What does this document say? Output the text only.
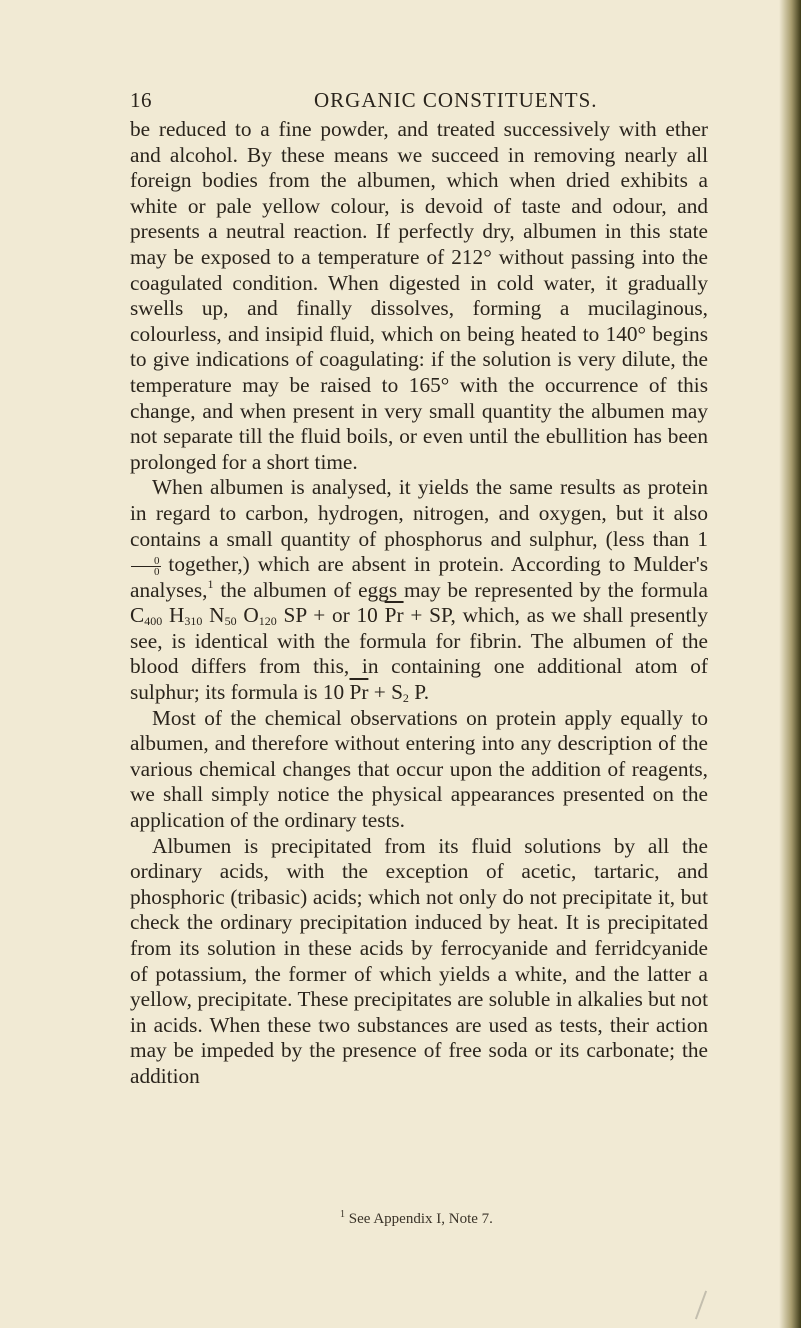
16	ORGANIC CONSTITUENTS.

be reduced to a fine powder, and treated successively with ether and alcohol. By these means we succeed in removing nearly all foreign bodies from the albumen, which when dried exhibits a white or pale yellow colour, is devoid of taste and odour, and presents a neutral reaction. If perfectly dry, albumen in this state may be exposed to a temperature of 212° without passing into the coagulated condition. When digested in cold water, it gradually swells up, and finally dissolves, forming a mucilaginous, colourless, and insipid fluid, which on being heated to 140° begins to give indications of coagulating: if the solution is very dilute, the temperature may be raised to 165° with the occurrence of this change, and when present in very small quantity the albumen may not separate till the fluid boils, or even until the ebullition has been prolonged for a short time.

When albumen is analysed, it yields the same results as protein in regard to carbon, hydrogen, nitrogen, and oxygen, but it also contains a small quantity of phosphorus and sulphur, (less than 1
$\frac{0}{0}$ together,) which are absent in protein. According to Mulder's analyses,$^1$ the albumen of eggs may be represented by the formula $C_{400}$ $H_{310}$ $N_{50}$ $O_{120}$ SP + or 10 $\overline{Pr}$ + SP, which, as we shall presently see, is identical with the formula for fibrin. The albumen of the blood differs from this, in containing one additional atom of sulphur; its formula is 10 $\overline{Pr} + S_2$ P.

Most of the chemical observations on protein apply equally to albumen, and therefore without entering into any description of the various chemical changes that occur upon the addition of reagents, we shall simply notice the physical appearances presented on the application of the ordinary tests.

Albumen is precipitated from its fluid solutions by all the ordinary acids, with the exception of acetic, tartaric, and phosphoric (tribasic) acids; which not only do not precipitate it, but check the ordinary precipitation induced by heat. It is precipitated from its solution in these acids by ferrocyanide and ferridcyanide of potassium, the former of which yields a white, and the latter a yellow, precipitate. These precipitates are soluble in alkalies but not in acids. When these two substances are used as tests, their action may be impeded by the presence of free soda or its carbonate; the addition

$^1$ See Appendix I, Note 7.
